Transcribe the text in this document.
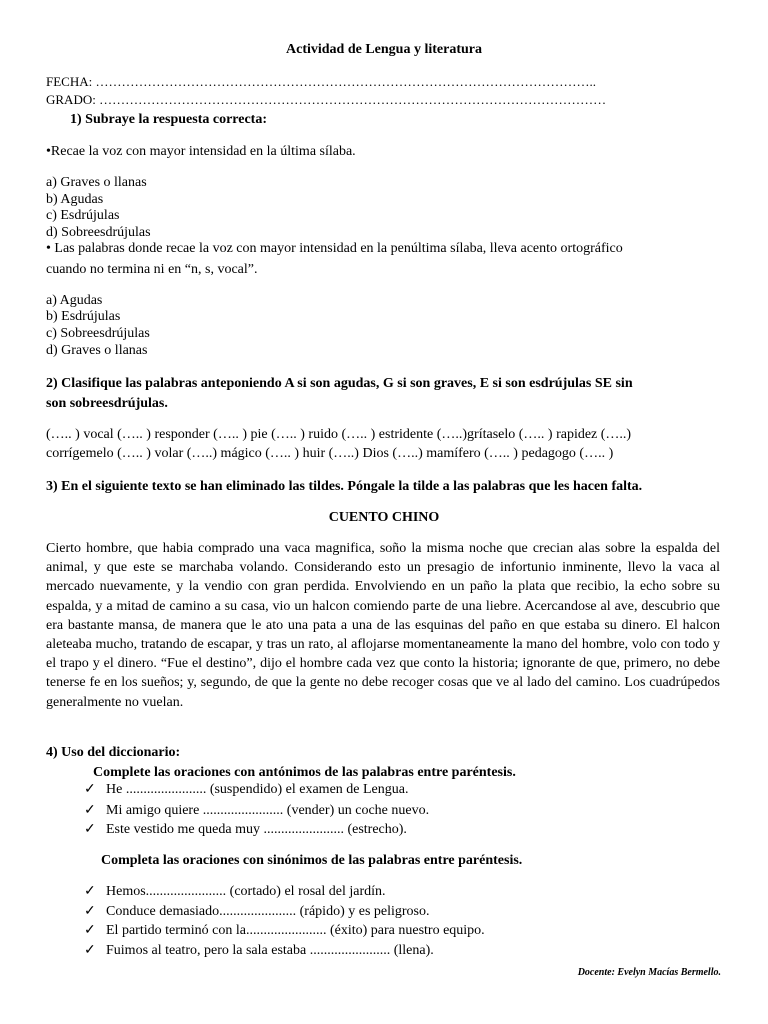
Actividad de Lengua y literatura
FECHA: ……………………………………………………………………………………………………..
GRADO: ………………………………………………………………………………………………………
1) Subraye la respuesta correcta:
•Recae la voz con mayor intensidad en la última sílaba.
a) Graves o llanas
b) Agudas
c) Esdrújulas
d) Sobreesdrújulas
• Las palabras donde recae la voz con mayor intensidad en la penúltima sílaba, lleva acento ortográfico
cuando no termina ni en “n, s, vocal”.
a) Agudas
b) Esdrújulas
c) Sobreesdrújulas
d) Graves o llanas
2) Clasifique las palabras anteponiendo A si son agudas, G si son graves, E si son esdrújulas SE sin
son sobreesdrújulas.
(….. ) vocal (….. ) responder (….. ) pie (….. ) ruido (….. ) estridente (…..)grítaselo (….. ) rapidez (…..)
corrígemelo (….. ) volar (…..) mágico (….. ) huir (…..) Dios (…..) mamífero (….. ) pedagogo (….. )
3) En el siguiente texto se han eliminado las tildes. Póngale la tilde a las palabras que les hacen falta.
CUENTO CHINO
Cierto hombre, que habia comprado una vaca magnifica, soño la misma noche que crecian alas sobre la espalda del animal, y que este se marchaba volando. Considerando esto un presagio de infortunio inminente, llevo la vaca al mercado nuevamente, y la vendio con gran perdida. Envolviendo en un paño la plata que recibio, la echo sobre su espalda, y a mitad de camino a su casa, vio un halcon comiendo parte de una liebre. Acercandose al ave, descubrio que era bastante mansa, de manera que le ato una pata a una de las esquinas del paño en que estaba su dinero. El halcon aleteaba mucho, tratando de escapar, y tras un rato, al aflojarse momentaneamente la mano del hombre, volo con todo y el trapo y el dinero. “Fue el destino”, dijo el hombre cada vez que conto la historia; ignorante de que, primero, no debe tenerse fe en los sueños; y, segundo, de que la gente no debe recoger cosas que ve al lado del camino. Los cuadrúpedos generalmente no vuelan.
4) Uso del diccionario:
Complete las oraciones con antónimos de las palabras entre paréntesis.
✓ He ....................... (suspendido) el examen de Lengua.
✓ Mi amigo quiere ....................... (vender) un coche nuevo.
✓ Este vestido me queda muy ....................... (estrecho).
Completa las oraciones con sinónimos de las palabras entre paréntesis.
✓ Hemos....................... (cortado) el rosal del jardín.
✓ Conduce demasiado...................... (rápido) y es peligroso.
✓ El partido terminó con la....................... (éxito) para nuestro equipo.
✓ Fuimos al teatro, pero la sala estaba ....................... (llena).
Docente: Evelyn Macías Bermello.
